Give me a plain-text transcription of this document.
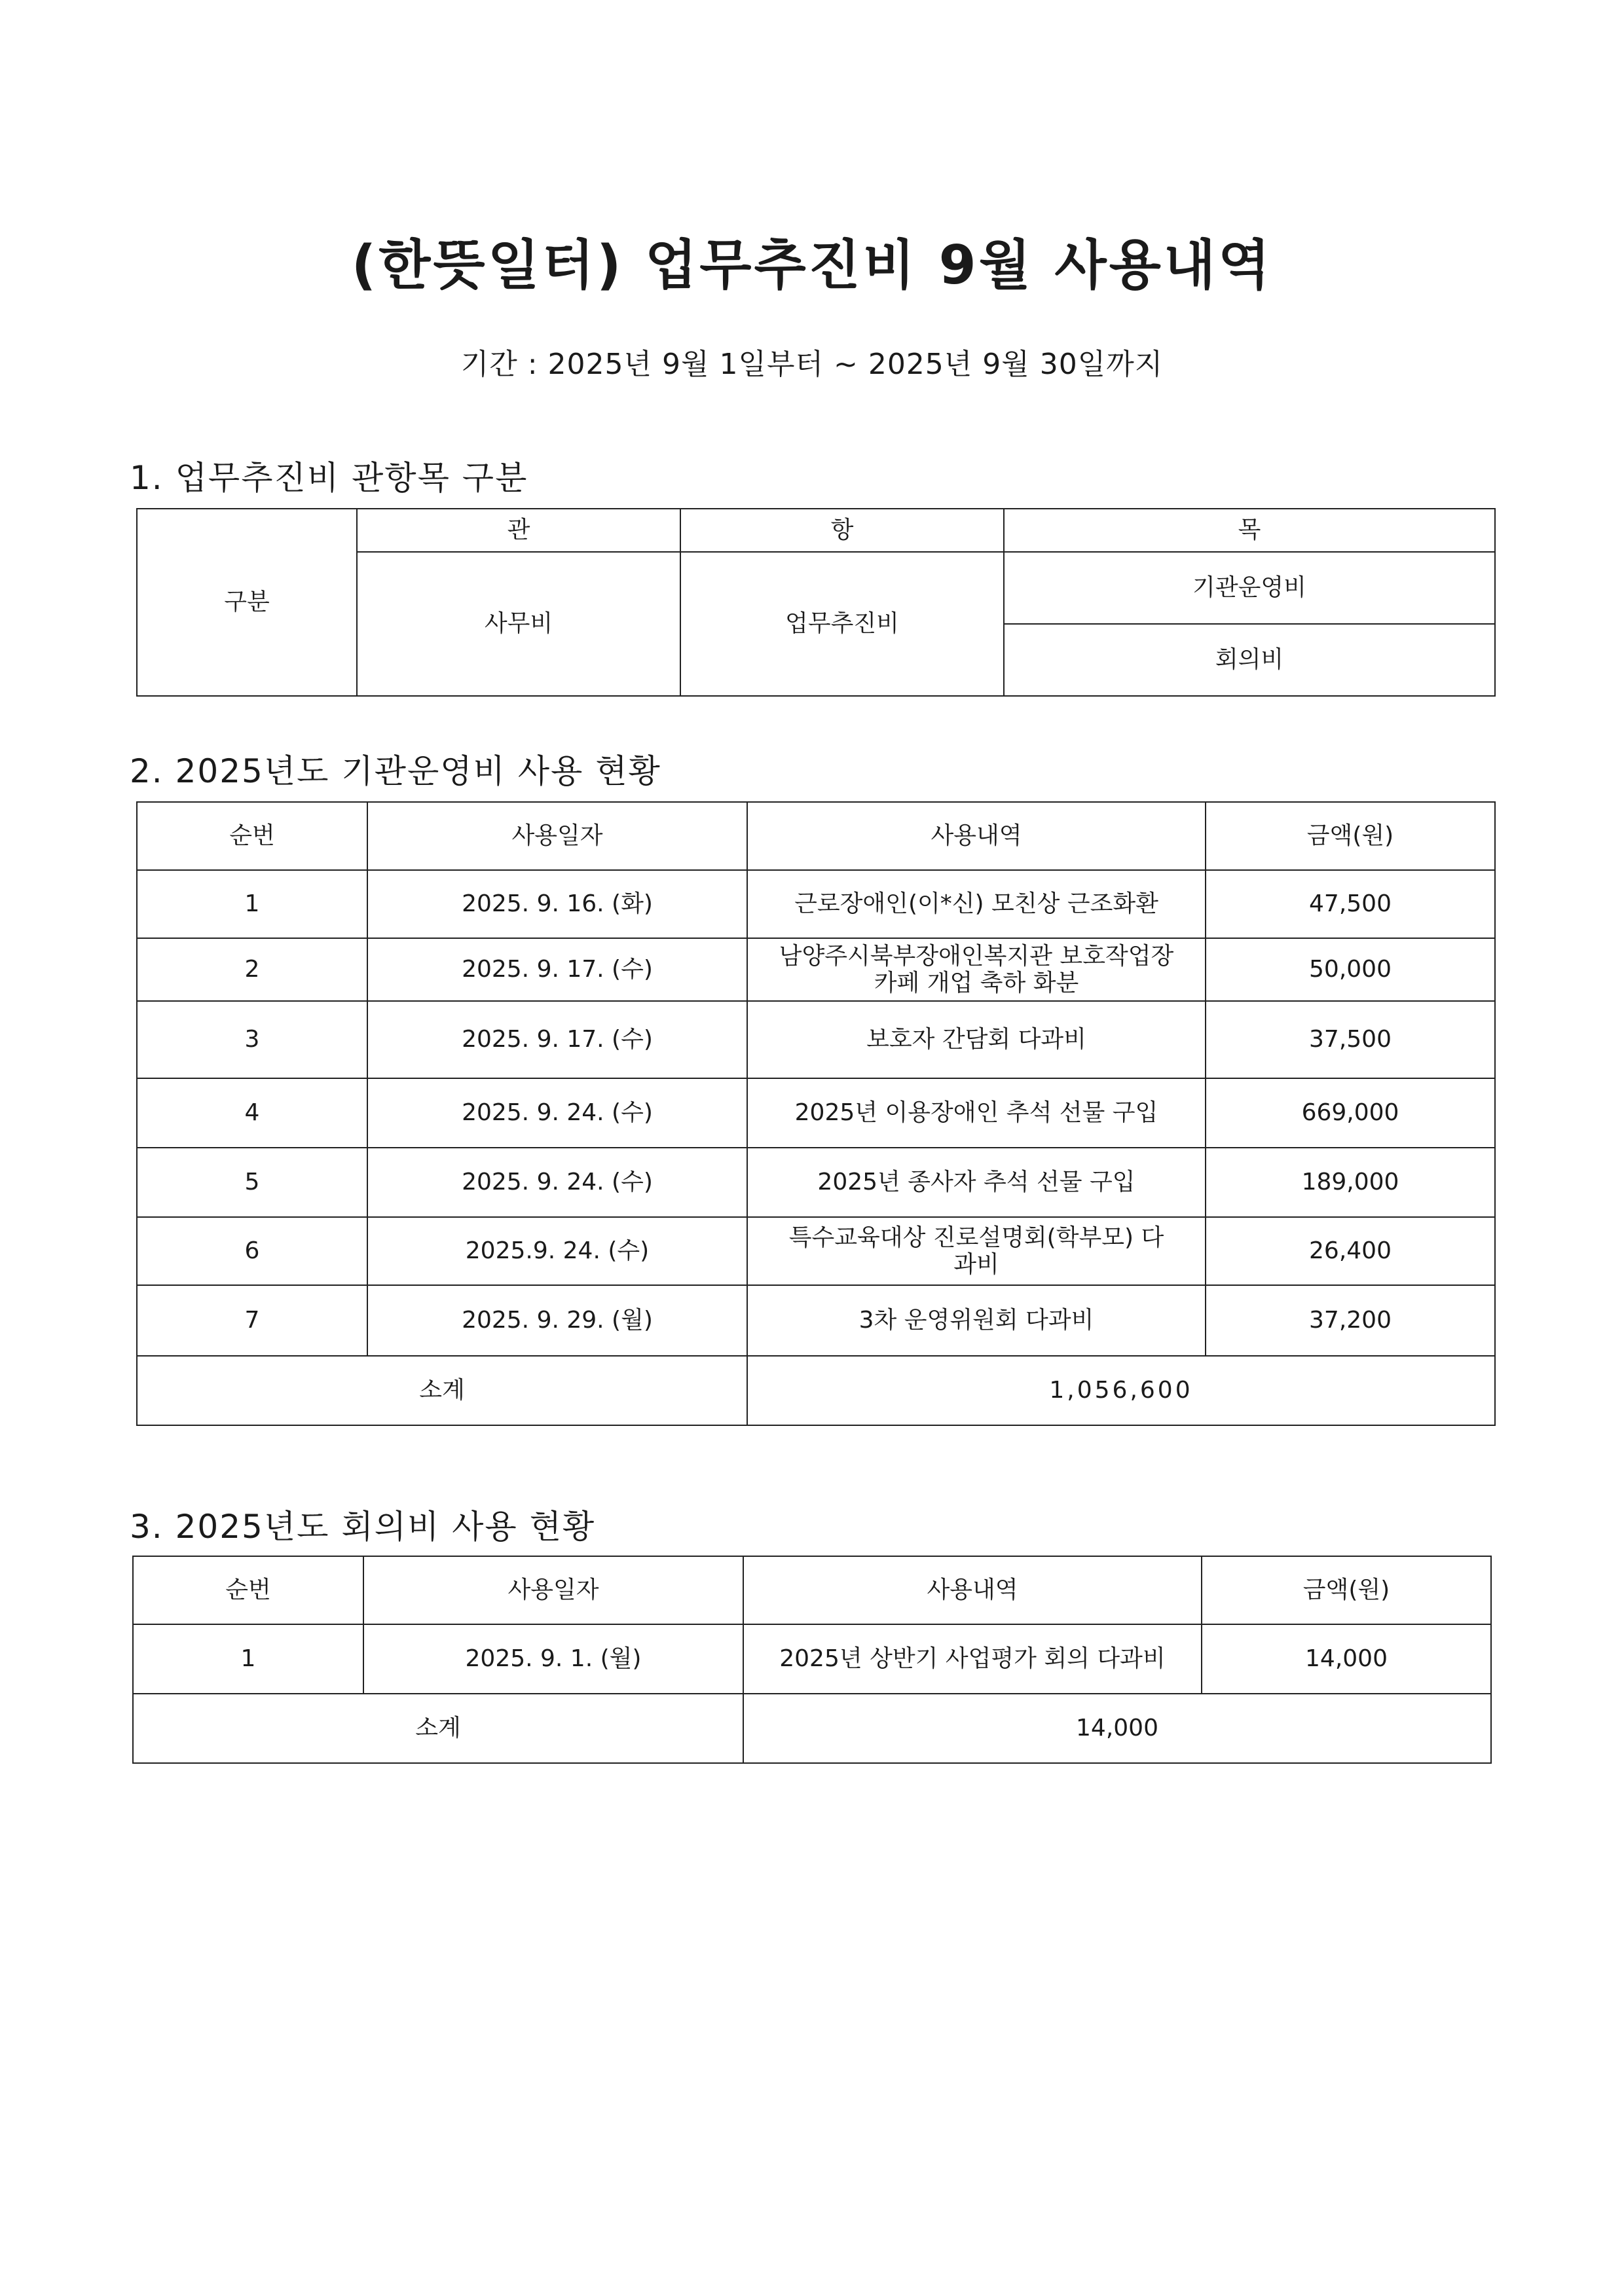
(한뜻일터) 업무추진비 9월 사용내역
기간 : 2025년 9월 1일부터 ~ 2025년 9월 30일까지
1. 업무추진비 관항목 구분
구분	관	항	목
	사무비	업무추진비	기관운영비
			회의비
2. 2025년도 기관운영비 사용 현황
순번	사용일자	사용내역	금액(원)
1	2025. 9. 16. (화)	근로장애인(이*신) 모친상 근조화환	47,500
2	2025. 9. 17. (수)	남양주시북부장애인복지관 보호작업장 카페 개업 축하 화분	50,000
3	2025. 9. 17. (수)	보호자 간담회 다과비	37,500
4	2025. 9. 24. (수)	2025년 이용장애인 추석 선물 구입	669,000
5	2025. 9. 24. (수)	2025년 종사자 추석 선물 구입	189,000
6	2025.9. 24. (수)	특수교육대상 진로설명회(학부모) 다과비	26,400
7	2025. 9. 29. (월)	3차 운영위원회 다과비	37,200
소계		1,056,600	
3. 2025년도 회의비 사용 현황
순번	사용일자	사용내역	금액(원)
1	2025. 9. 1. (월)	2025년 상반기 사업평가 회의 다과비	14,000
소계		14,000	
